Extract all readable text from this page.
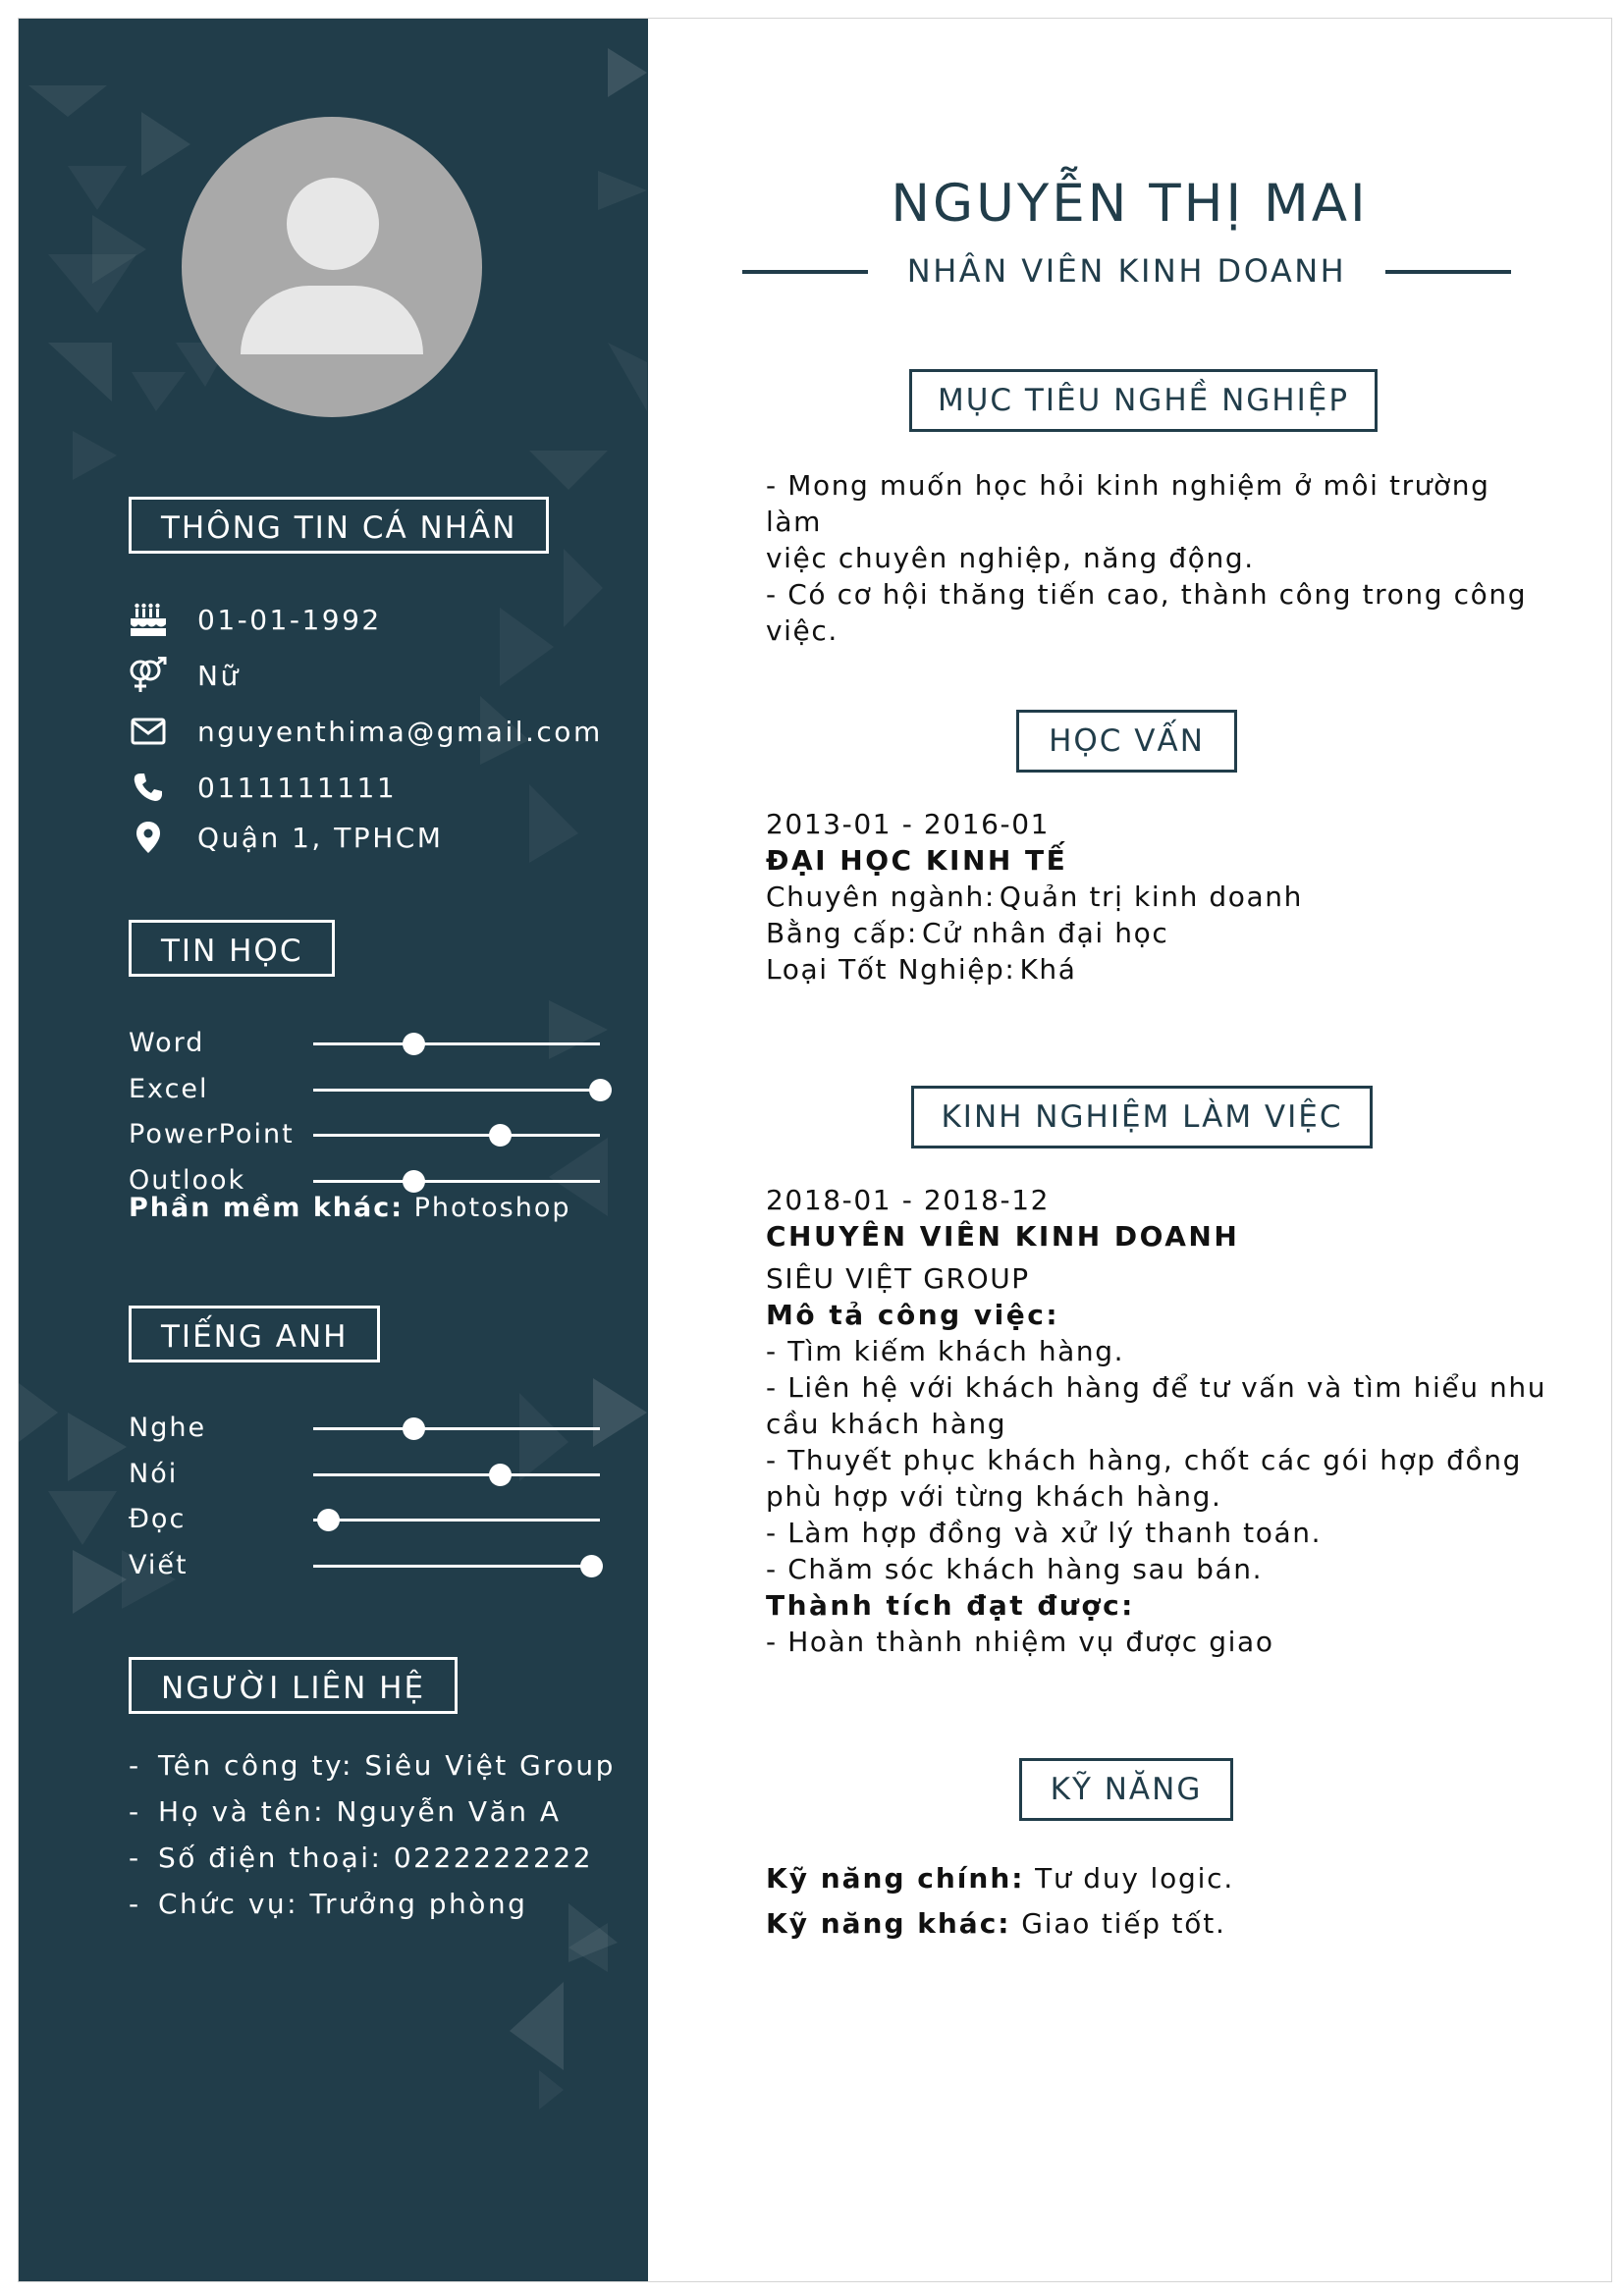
THÔNG TIN CÁ NHÂN
01-01-1992
Nữ
nguyenthima@gmail.com
0111111111
Quận 1, TPHCM
TIN HỌC
Word
Excel
PowerPoint
Outlook
Phần mềm khác: Photoshop
TIẾNG ANH
Nghe
Nói
Đọc
Viết
NGƯỜI LIÊN HỆ
- Tên công ty: Siêu Việt Group
- Họ và tên: Nguyễn Văn A
- Số điện thoại: 0222222222
- Chức vụ: Trưởng phòng
NGUYỄN THỊ MAI
NHÂN VIÊN KINH DOANH
MỤC TIÊU NGHỀ NGHIỆP
- Mong muốn học hỏi kinh nghiệm ở môi trường làm
việc chuyên nghiệp, năng động.
- Có cơ hội thăng tiến cao, thành công trong công
việc.
HỌC VẤN
2013-01 - 2016-01
ĐẠI HỌC KINH TẾ
Chuyên ngành: Quản trị kinh doanh
Bằng cấp: Cử nhân đại học
Loại Tốt Nghiệp: Khá
KINH NGHIỆM LÀM VIỆC
2018-01 - 2018-12
CHUYÊN VIÊN KINH DOANH
SIÊU VIỆT GROUP
Mô tả công việc:
- Tìm kiếm khách hàng.
- Liên hệ với khách hàng để tư vấn và tìm hiểu nhu
cầu khách hàng
- Thuyết phục khách hàng, chốt các gói hợp đồng
phù hợp với từng khách hàng.
- Làm hợp đồng và xử lý thanh toán.
- Chăm sóc khách hàng sau bán.
Thành tích đạt được:
- Hoàn thành nhiệm vụ được giao
KỸ NĂNG
Kỹ năng chính: Tư duy logic.
Kỹ năng khác: Giao tiếp tốt.
